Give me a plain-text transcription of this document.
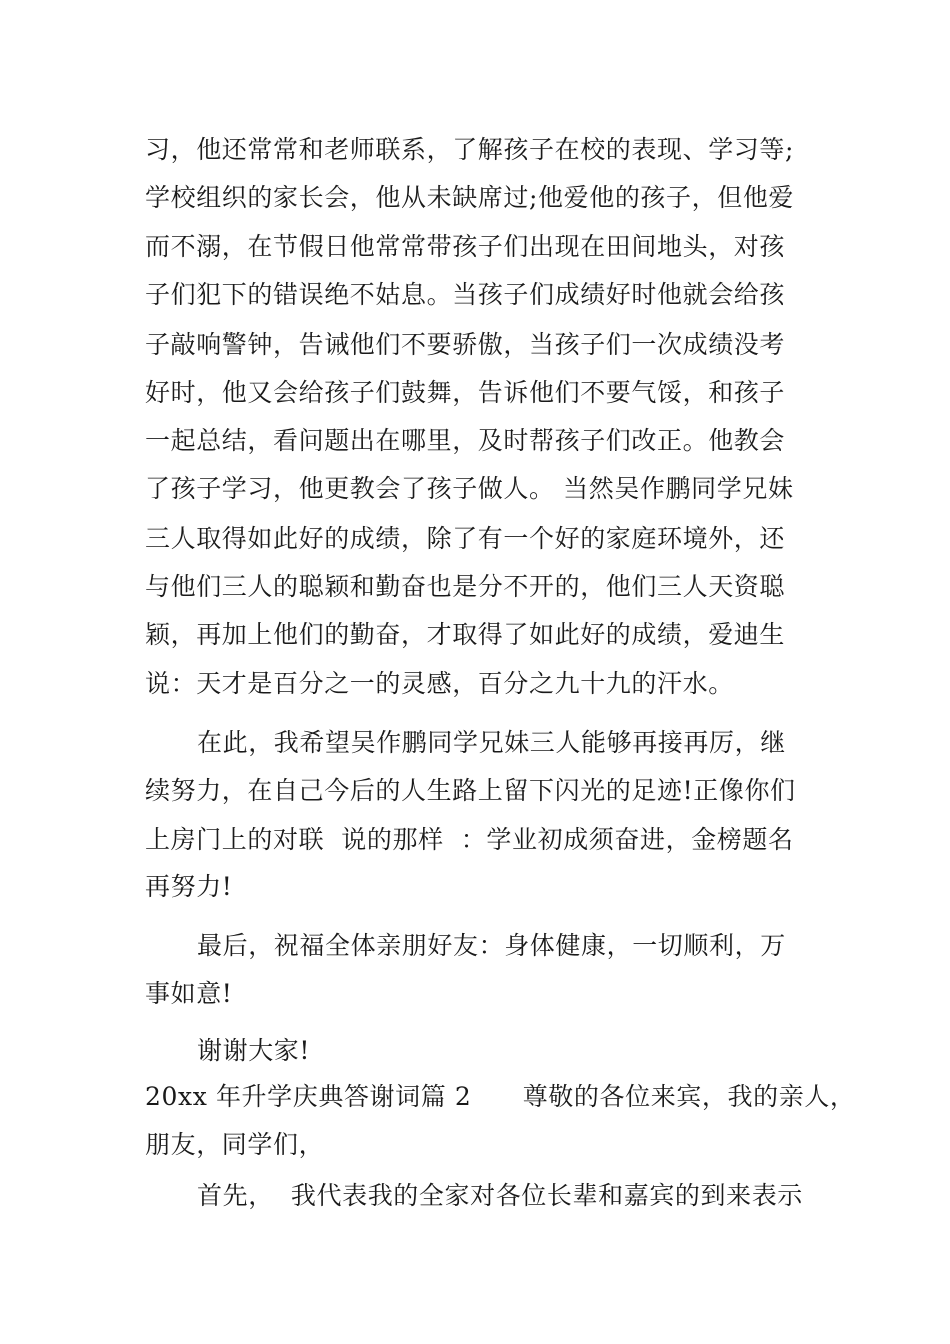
习，他还常常和老师联系，了解孩子在校的表现、学习等;
学校组织的家长会，他从未缺席过;他爱他的孩子，但他爱
而不溺，在节假日他常常带孩子们出现在田间地头，对孩
子们犯下的错误绝不姑息。当孩子们成绩好时他就会给孩
子敲响警钟，告诫他们不要骄傲，当孩子们一次成绩没考
好时，他又会给孩子们鼓舞，告诉他们不要气馁，和孩子
一起总结，看问题出在哪里，及时帮孩子们改正。他教会
了孩子学习，他更教会了孩子做人。 当然吴作鹏同学兄妹
三人取得如此好的成绩，除了有一个好的家庭环境外，还
与他们三人的聪颖和勤奋也是分不开的，他们三人天资聪
颖，再加上他们的勤奋，才取得了如此好的成绩，爱迪生
说：天才是百分之一的灵感，百分之九十九的汗水。
在此，我希望吴作鹏同学兄妹三人能够再接再厉，继
续努力，在自己今后的人生路上留下闪光的足迹!正像你们
上房门上的对联  说的那样  ：学业初成须奋进，金榜题名
再努力!
最后，祝福全体亲朋好友：身体健康，一切顺利，万
事如意!
谢谢大家!
20xx 年升学庆典答谢词篇 2      尊敬的各位来宾，我的亲人，
朋友，同学们，
首先，  我代表我的全家对各位长辈和嘉宾的到来表示
